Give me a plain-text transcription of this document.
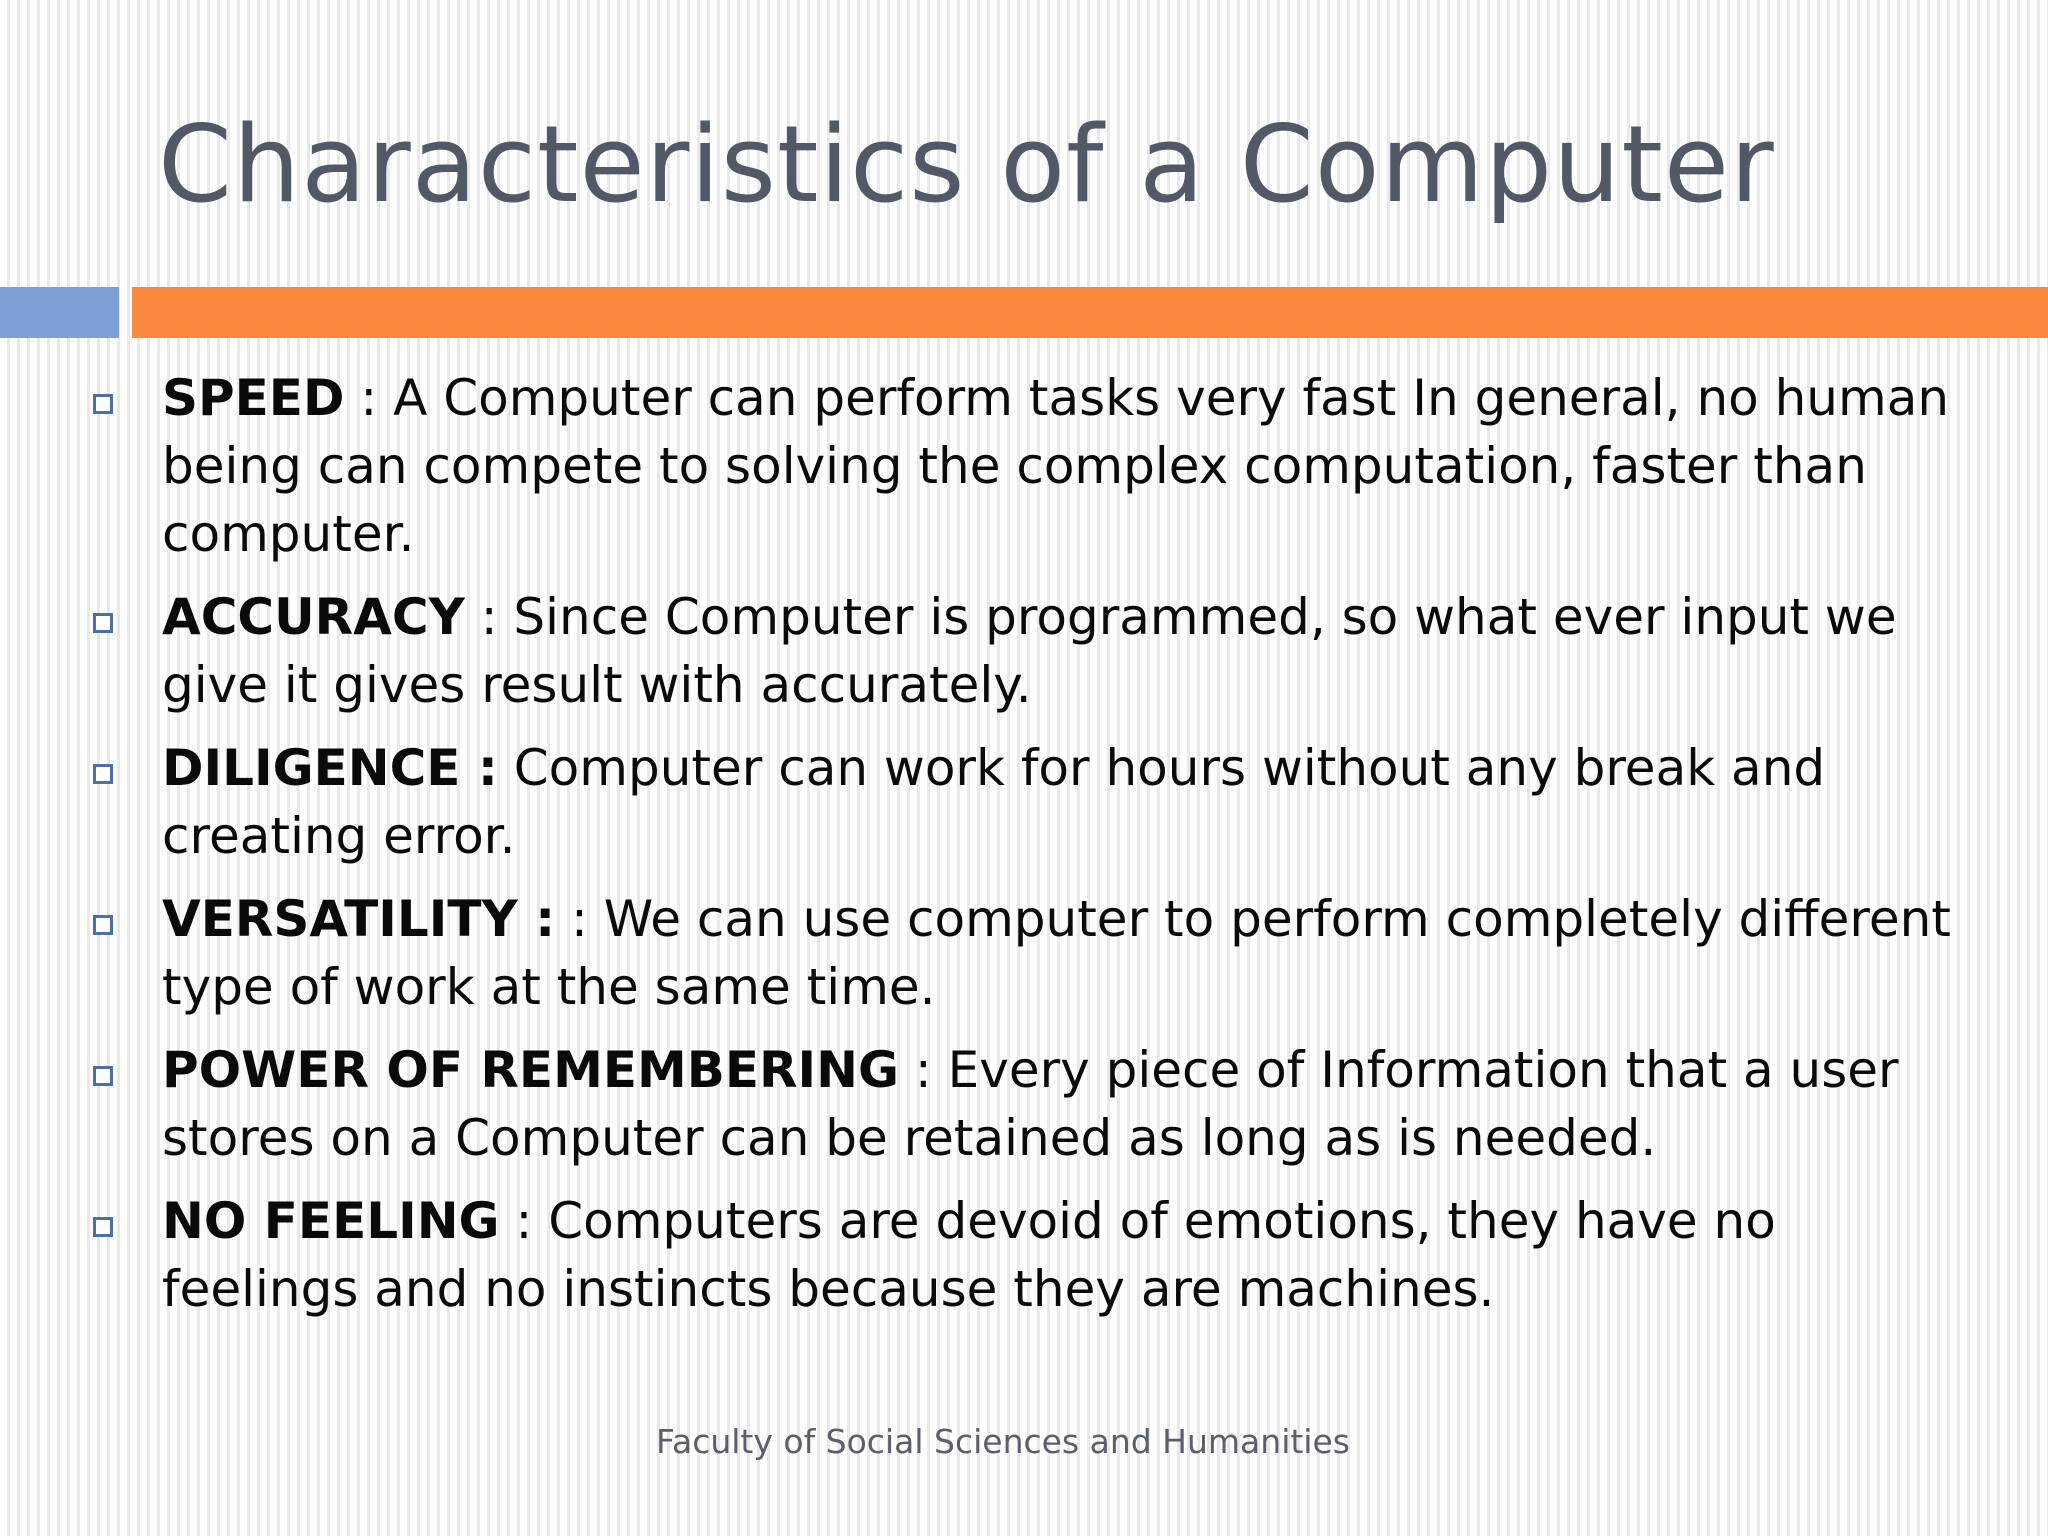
Characteristics of a Computer
SPEED : A Computer can perform tasks very fast In general, no human being can compete to solving the complex computation, faster than computer.
ACCURACY : Since Computer is programmed, so what ever input we give it gives result with accurately.
DILIGENCE : Computer can work for hours without any break and creating error.
VERSATILITY : : We can use computer to perform completely different type of work at the same time.
POWER OF REMEMBERING : Every piece of Information that a user stores on a Computer can be retained as long as is needed.
NO FEELING : Computers are devoid of emotions, they have no feelings and no instincts because they are machines.
Faculty of Social Sciences and Humanities
